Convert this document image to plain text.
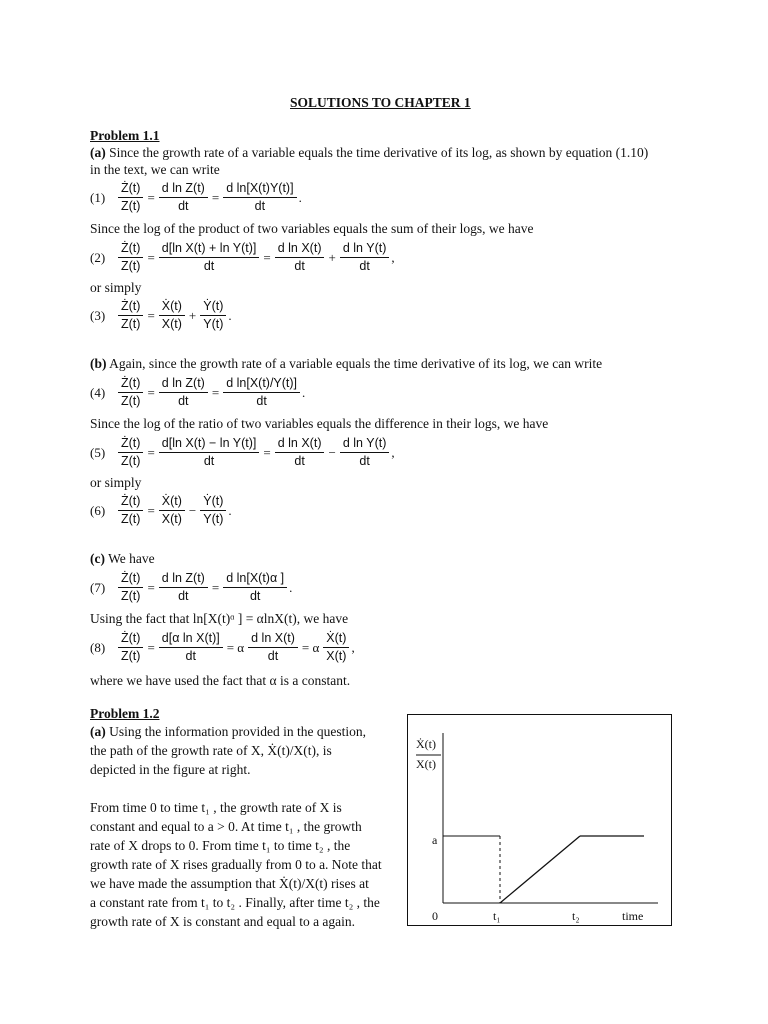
SOLUTIONS TO CHAPTER 1
Problem 1.1
(a) Since the growth rate of a variable equals the time derivative of its log, as shown by equation (1.10)
in the text, we can write
(1)	$\frac{Ż(t)}{Z(t)} = \frac{\text{d ln Z(t)}}{dt} = \frac{\text{d ln[X(t)Y(t)]}}{dt}$ .
Since the log of the product of two variables equals the sum of their logs, we have
(2)	$\frac{Ż(t)}{Z(t)} = \frac{\text{d[ln X(t) + ln Y(t)]}}{dt} = \frac{\text{d ln X(t)}}{dt} + \frac{\text{d ln Y(t)}}{dt}$ ,
or simply
(3)	$\frac{Ż(t)}{Z(t)} = \frac{\text{Ẋ(t)}}{X(t)} + \frac{\text{Ẏ(t)}}{Y(t)}$ .
(b) Again, since the growth rate of a variable equals the time derivative of its log, we can write
(4)	$\frac{Ż(t)}{Z(t)} = \frac{\text{d ln Z(t)}}{dt} = \frac{\text{d ln[X(t)/Y(t)]}}{dt}$ .
Since the log of the ratio of two variables equals the difference in their logs, we have
(5)	$\frac{Ż(t)}{Z(t)} = \frac{\text{d[ln X(t) − ln Y(t)]}}{dt} = \frac{\text{d ln X(t)}}{dt} - \frac{\text{d ln Y(t)}}{dt}$ ,
or simply
(6)	$\frac{Ż(t)}{Z(t)} = \frac{\text{Ẋ(t)}}{X(t)} - \frac{\text{Ẏ(t)}}{Y(t)}$ .
(c) We have
(7)	$\frac{Ż(t)}{Z(t)} = \frac{\text{d ln Z(t)}}{dt} = \frac{\text{d ln[X(t)α ]}}{dt}$ .
Using the fact that ln[X(t)ᵅ ] = αlnX(t), we have
(8)	$\frac{Ż(t)}{Z(t)} = \frac{\text{d[α ln X(t)]}}{dt} = \alpha \frac{\text{d ln X(t)}}{dt} = \alpha \frac{\text{Ẋ(t)}}{X(t)}$ ,
where we have used the fact that α is a constant.
Problem 1.2
(a) Using the information provided in the question,
the path of the growth rate of X, Ẋ(t)/X(t), is
depicted in the figure at right.

From time 0 to time t₁ , the growth rate of X is
constant and equal to a > 0. At time t₁ , the growth
rate of X drops to 0. From time t₁ to time t₂ , the
growth rate of X rises gradually from 0 to a. Note that
we have made the assumption that Ẋ(t)/X(t) rises at
a constant rate from t₁ to t₂ . Finally, after time t₂ , the
growth rate of X is constant and equal to a again.
Ẋ(t)
X(t)
a
0	t₁	t₂	time
